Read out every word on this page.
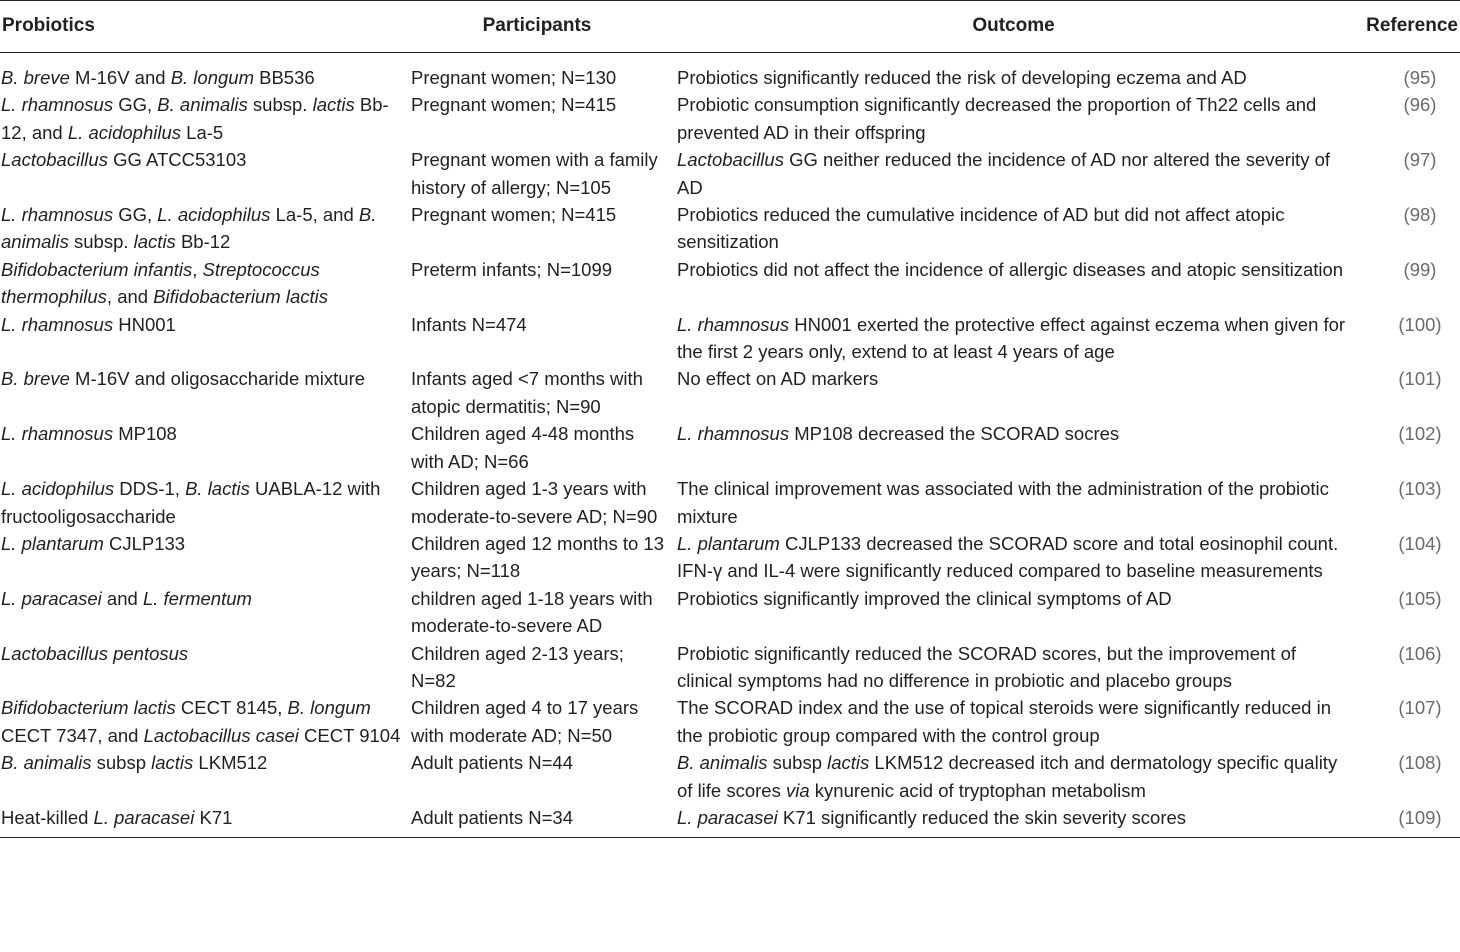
Probiotics	Participants	Outcome	Reference
B. breve M-16V and B. longum BB536	Pregnant women; N=130	Probiotics significantly reduced the risk of developing eczema and AD	(95)
L. rhamnosus GG, B. animalis subsp. lactis Bb-12, and L. acidophilus La-5	Pregnant women; N=415	Probiotic consumption significantly decreased the proportion of Th22 cells and prevented AD in their offspring	(96)
Lactobacillus GG ATCC53103	Pregnant women with a family history of allergy; N=105	Lactobacillus GG neither reduced the incidence of AD nor altered the severity of AD	(97)
L. rhamnosus GG, L. acidophilus La-5, and B. animalis subsp. lactis Bb-12	Pregnant women; N=415	Probiotics reduced the cumulative incidence of AD but did not affect atopic sensitization	(98)
Bifidobacterium infantis, Streptococcus thermophilus, and Bifidobacterium lactis	Preterm infants; N=1099	Probiotics did not affect the incidence of allergic diseases and atopic sensitization	(99)
L. rhamnosus HN001	Infants N=474	L. rhamnosus HN001 exerted the protective effect against eczema when given for the first 2 years only, extend to at least 4 years of age	(100)
B. breve M-16V and oligosaccharide mixture	Infants aged <7 months with atopic dermatitis; N=90	No effect on AD markers	(101)
L. rhamnosus MP108	Children aged 4-48 months with AD; N=66	L. rhamnosus MP108 decreased the SCORAD socres	(102)
L. acidophilus DDS-1, B. lactis UABLA-12 with fructooligosaccharide	Children aged 1-3 years with moderate-to-severe AD; N=90	The clinical improvement was associated with the administration of the probiotic mixture	(103)
L. plantarum CJLP133	Children aged 12 months to 13 years; N=118	L. plantarum CJLP133 decreased the SCORAD score and total eosinophil count. IFN-γ and IL-4 were significantly reduced compared to baseline measurements	(104)
L. paracasei and L. fermentum	children aged 1-18 years with moderate-to-severe AD	Probiotics significantly improved the clinical symptoms of AD	(105)
Lactobacillus pentosus	Children aged 2-13 years; N=82	Probiotic significantly reduced the SCORAD scores, but the improvement of clinical symptoms had no difference in probiotic and placebo groups	(106)
Bifidobacterium lactis CECT 8145, B. longum CECT 7347, and Lactobacillus casei CECT 9104	Children aged 4 to 17 years with moderate AD; N=50	The SCORAD index and the use of topical steroids were significantly reduced in the probiotic group compared with the control group	(107)
B. animalis subsp lactis LKM512	Adult patients N=44	B. animalis subsp lactis LKM512 decreased itch and dermatology specific quality of life scores via kynurenic acid of tryptophan metabolism	(108)
Heat-killed L. paracasei K71	Adult patients N=34	L. paracasei K71 significantly reduced the skin severity scores	(109)
